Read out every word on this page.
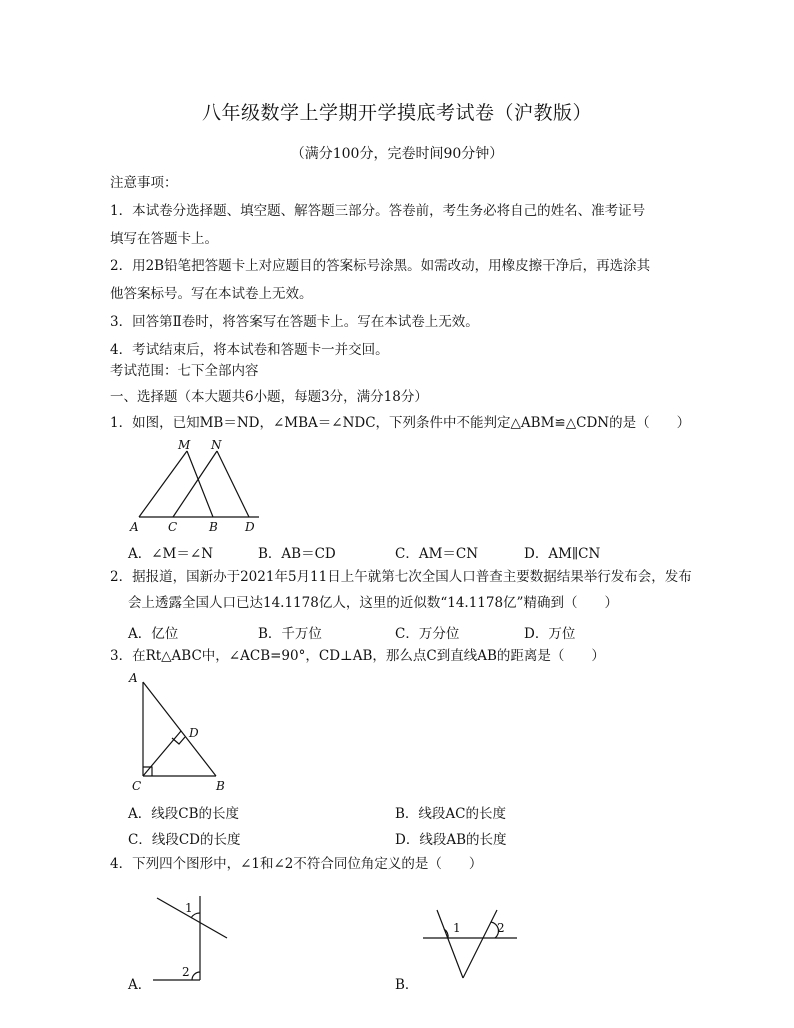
八年级数学上学期开学摸底考试卷（沪教版）
（满分100分，完卷时间90分钟）
注意事项：
1．本试卷分选择题、填空题、解答题三部分。答卷前，考生务必将自己的姓名、准考证号
填写在答题卡上。
2．用2B铅笔把答题卡上对应题目的答案标号涂黑。如需改动，用橡皮擦干净后，再选涂其
他答案标号。写在本试卷上无效。
3．回答第Ⅱ卷时，将答案写在答题卡上。写在本试卷上无效。
4．考试结束后，将本试卷和答题卡一并交回。
考试范围：七下全部内容
一、选择题（本大题共6小题，每题3分，满分18分）
1．如图，已知MB＝ND，∠MBA＝∠NDC，下列条件中不能判定△ABM≌△CDN的是（　　）
M N
A C	B D
A．∠M＝∠N	B．AB＝CD	C．AM＝CN	D．AM∥CN
2．据报道，国新办于2021年5月11日上午就第七次全国人口普查主要数据结果举行发布会，发布
会上透露全国人口已达14.1178亿人，这里的近似数“14.1178亿”精确到（　　）
A．亿位	B．千万位	C．万分位	D．万位
3．在Rt△ABC中，∠ACB=90°，CD⊥AB，那么点C到直线AB的距离是（　　）
A
D
C	B
A．线段CB的长度	B．线段AC的长度
C．线段CD的长度	D．线段AB的长度
4．下列四个图形中，∠1和∠2不符合同位角定义的是（　　）
1
2
A．
1	2
B．
